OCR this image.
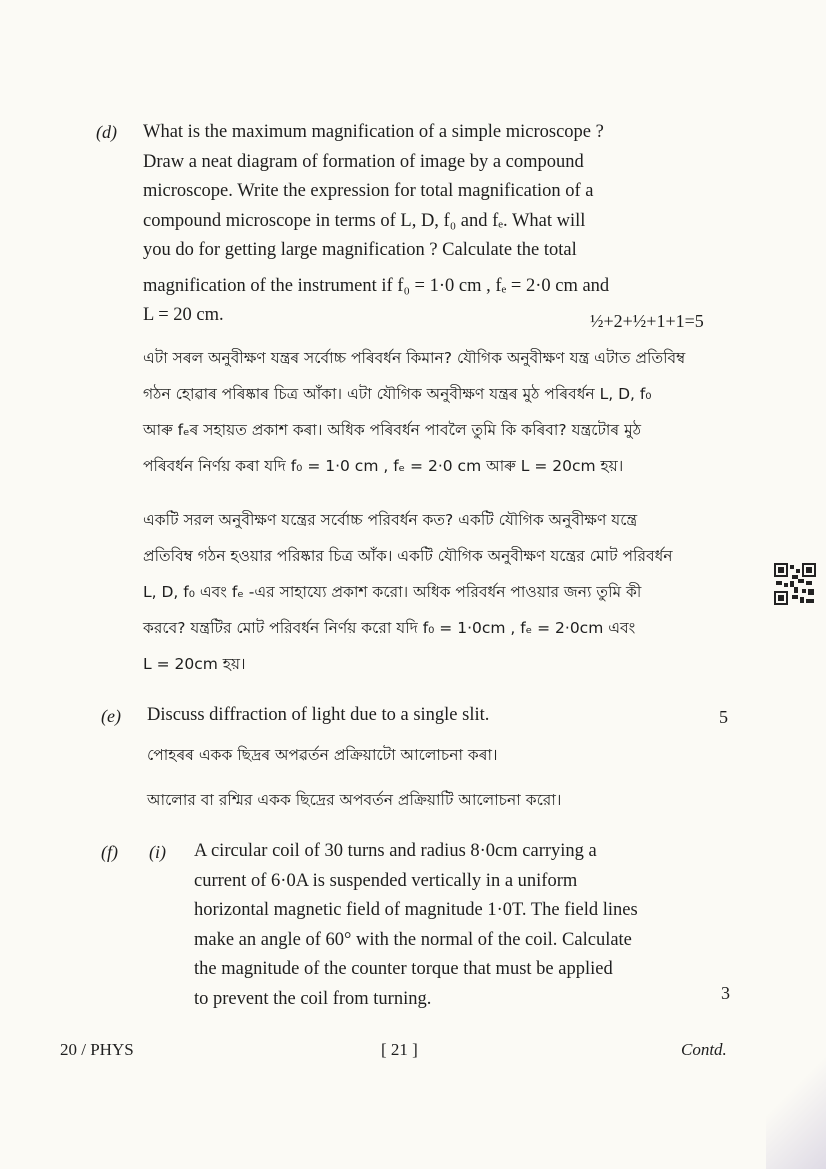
(d) What is the maximum magnification of a simple microscope ?
Draw a neat diagram of formation of image by a compound
microscope. Write the expression for total magnification of a
compound microscope in terms of L, D, f₀ and fₑ. What will
you do for getting large magnification ? Calculate the total
magnification of the instrument if f₀ = 1·0 cm , fₑ = 2·0 cm and
L = 20 cm.	½+2+½+1+1=5
এটা সৰল অনুবীক্ষণ যন্ত্ৰৰ সৰ্বোচ্চ পৰিবৰ্ধন কিমান? যৌগিক অনুবীক্ষণ যন্ত্ৰ এটাত প্ৰতিবিম্ব
গঠন হোৱাৰ পৰিষ্কাৰ চিত্ৰ আঁকা। এটা যৌগিক অনুবীক্ষণ যন্ত্ৰৰ মুঠ পৰিবৰ্ধন L, D, f₀
আৰু fₑৰ সহায়ত প্ৰকাশ কৰা। অধিক পৰিবৰ্ধন পাবলৈ তুমি কি কৰিবা? যন্ত্ৰটোৰ মুঠ
পৰিবৰ্ধন নিৰ্ণয় কৰা যদি f₀ = 1·0 cm , fₑ = 2·0 cm আৰু L = 20cm হয়।
একটি সরল অনুবীক্ষণ যন্ত্রের সর্বোচ্চ পরিবর্ধন কত? একটি যৌগিক অনুবীক্ষণ যন্ত্রে
প্রতিবিম্ব গঠন হওয়ার পরিষ্কার চিত্র আঁক। একটি যৌগিক অনুবীক্ষণ যন্ত্রের মোট পরিবর্ধন
L, D, f₀ এবং fₑ -এর সাহায্যে প্রকাশ করো। অধিক পরিবর্ধন পাওয়ার জন্য তুমি কী
করবে? যন্ত্রটির মোট পরিবর্ধন নির্ণয় করো যদি f₀ = 1·0cm , fₑ = 2·0cm এবং
L = 20cm হয়।
(e) Discuss diffraction of light due to a single slit.	5
পোহৰৰ একক ছিদ্ৰৰ অপৱৰ্তন প্ৰক্ৰিয়াটো আলোচনা কৰা।
আলোর বা রশ্মির একক ছিদ্রের অপবর্তন প্রক্রিয়াটি আলোচনা করো।
(f) (i) A circular coil of 30 turns and radius 8·0cm carrying a
current of 6·0A is suspended vertically in a uniform
horizontal magnetic field of magnitude 1·0T. The field lines
make an angle of 60° with the normal of the coil. Calculate
the magnitude of the counter torque that must be applied
to prevent the coil from turning.	3
20 / PHYS	[ 21 ]	Contd.
